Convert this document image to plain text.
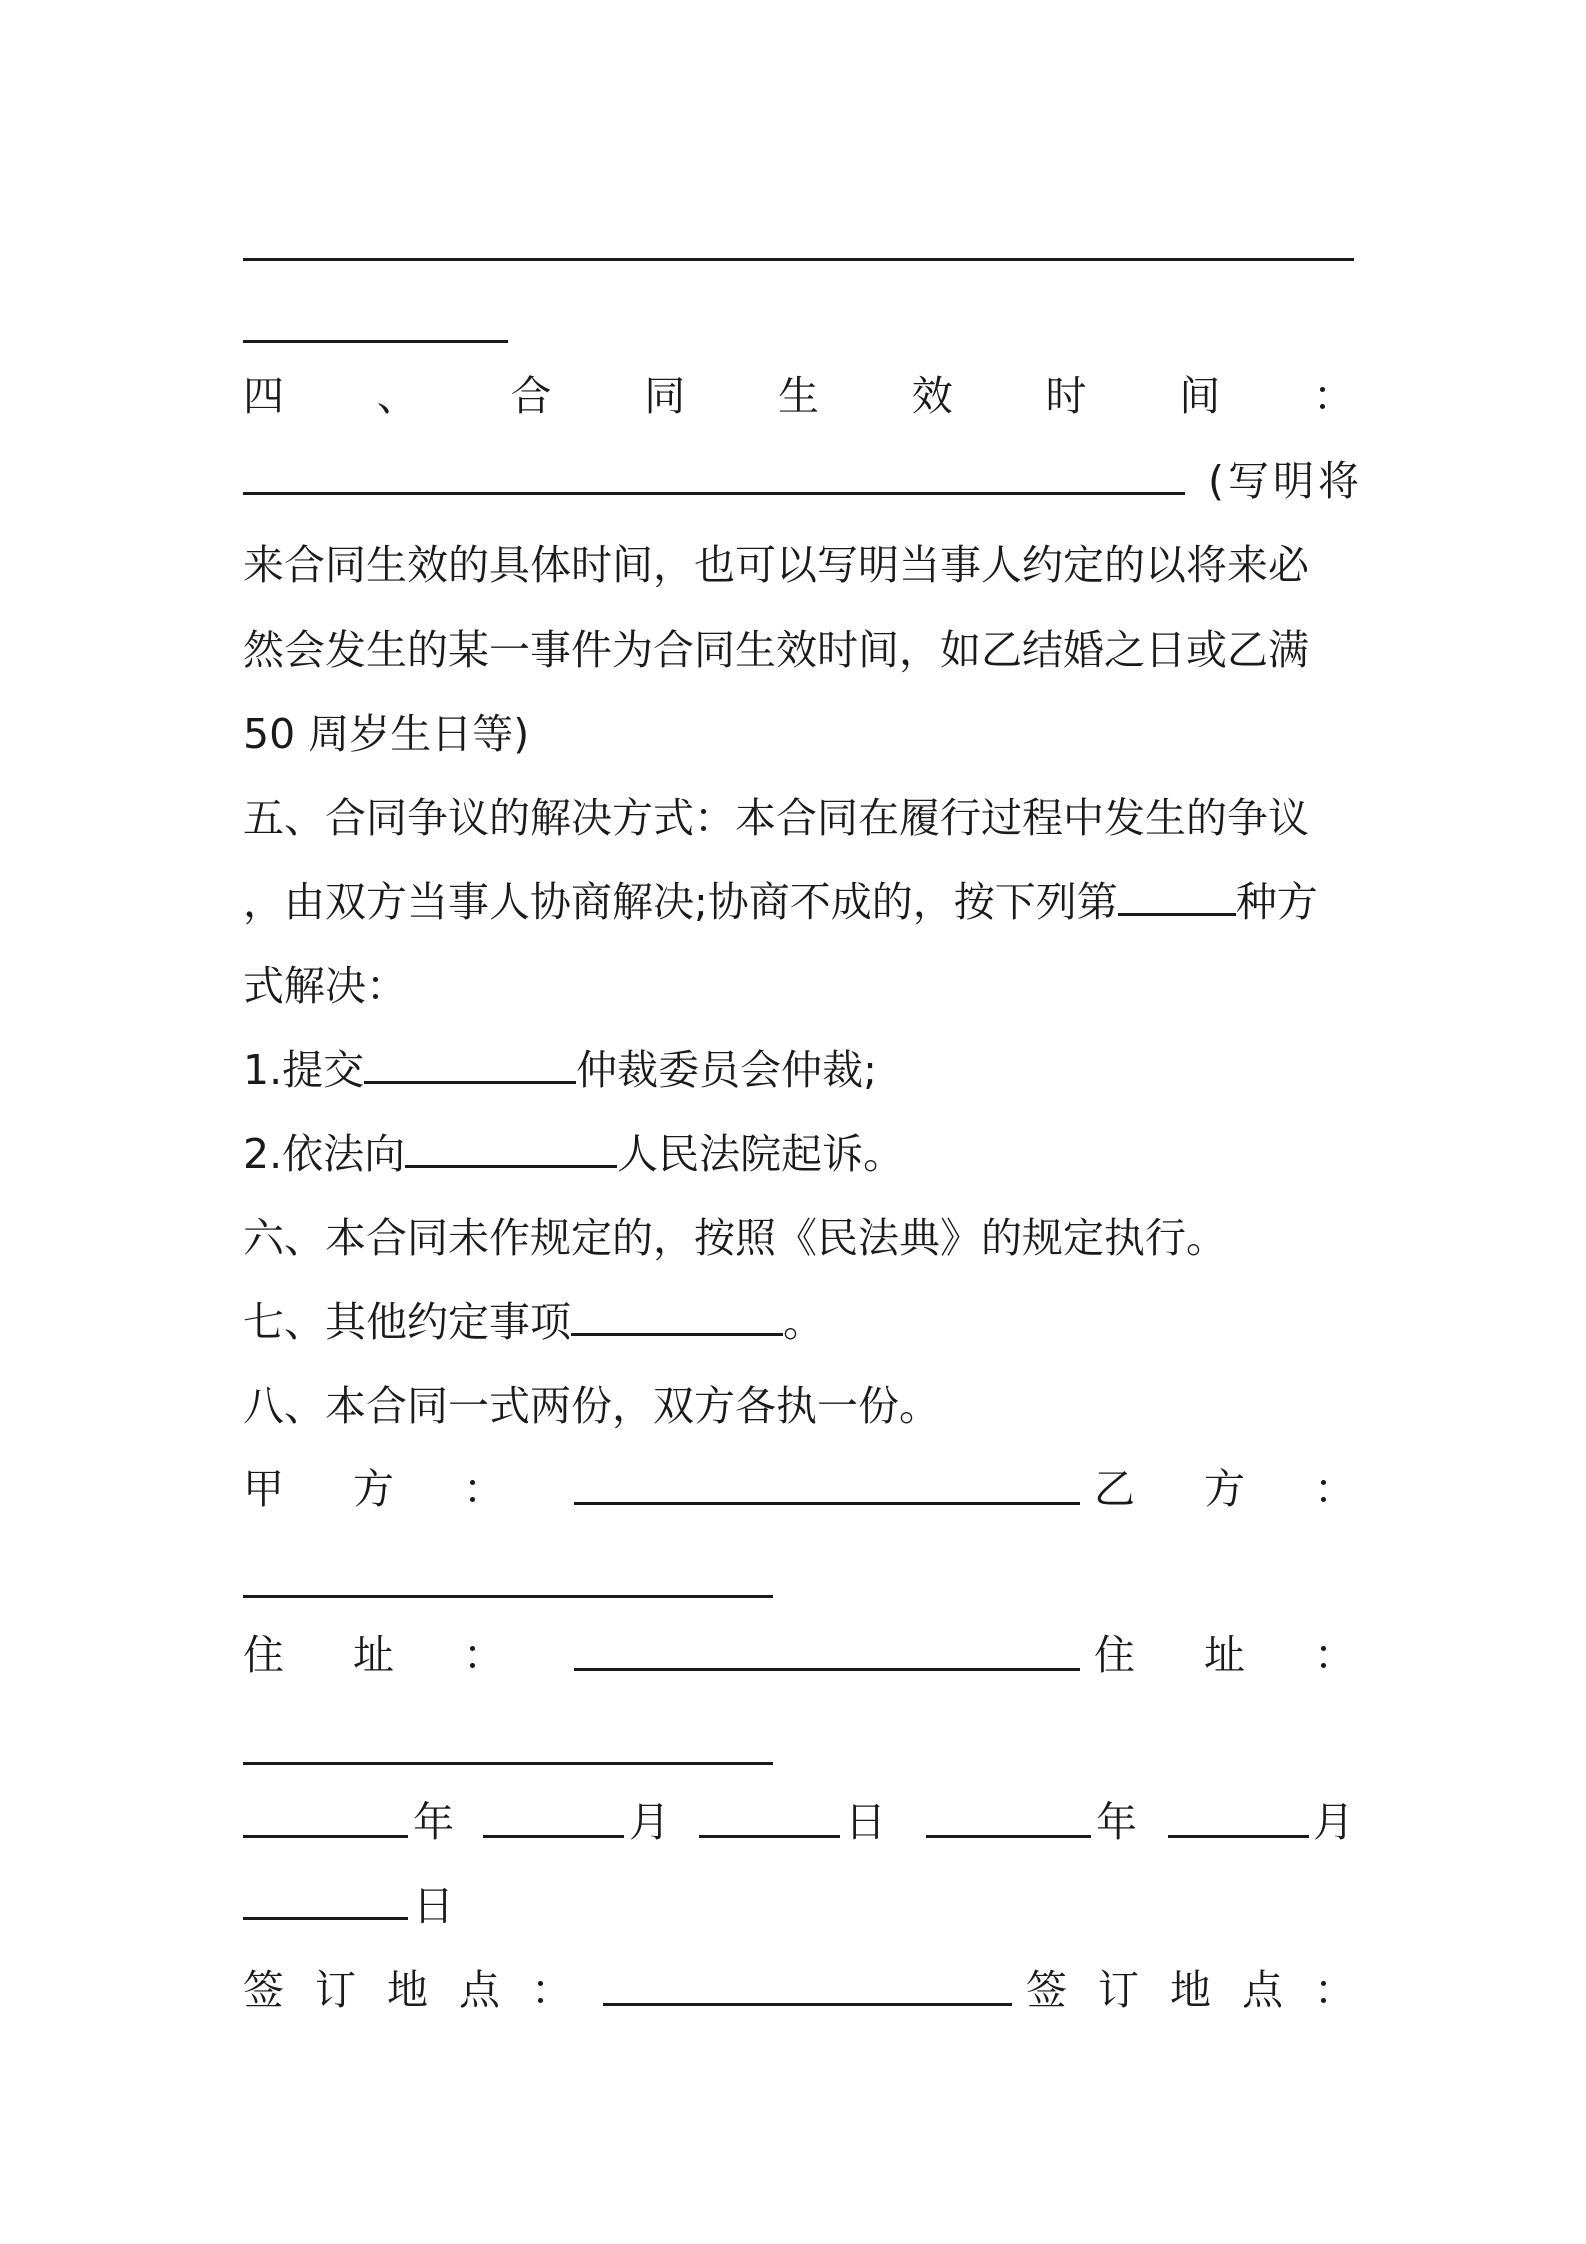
四 、 合 同 生 效 时 间 ：
(写明将
来合同生效的具体时间，也可以写明当事人约定的以将来必
然会发生的某一事件为合同生效时间，如乙结婚之日或乙满
50 周岁生日等)
五、合同争议的解决方式：本合同在履行过程中发生的争议
，由双方当事人协商解决;协商不成的，按下列第	种方
式解决：
1.提交	仲裁委员会仲裁;
2.依法向	人民法院起诉。
六、本合同未作规定的，按照《民法典》的规定执行。
七、其他约定事项	。
八、本合同一式两份，双方各执一份。
甲 方 ：	乙 方 ：
住 址 ：	住 址 ：
年	月	日	年	月
日
签 订 地 点 ：	签 订 地 点 ：
